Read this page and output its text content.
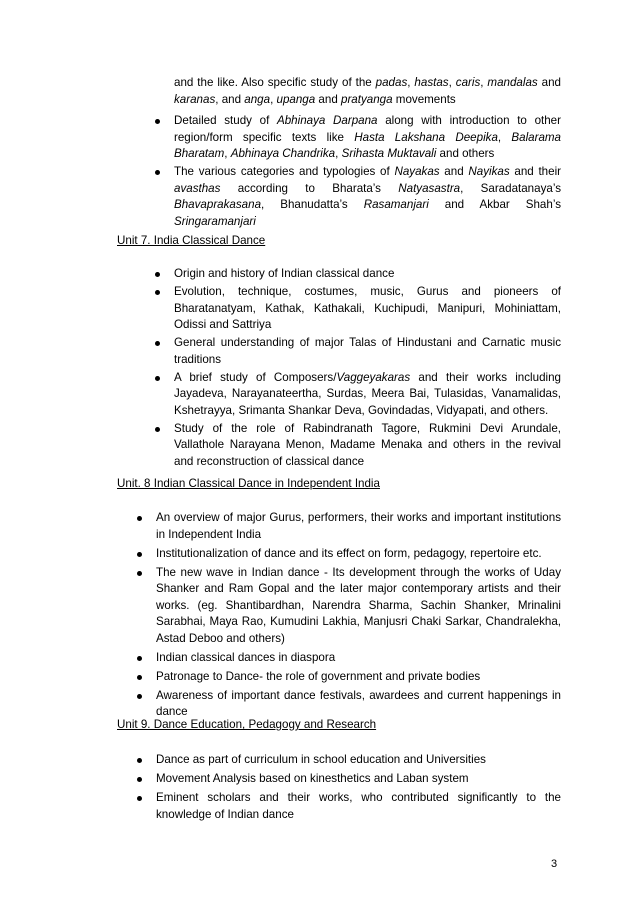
and the like. Also specific study of the padas, hastas, caris, mandalas and karanas, and anga, upanga and pratyanga movements
Detailed study of Abhinaya Darpana along with introduction to other region/form specific texts like Hasta Lakshana Deepika, Balarama Bharatam, Abhinaya Chandrika, Srihasta Muktavali and others
The various categories and typologies of Nayakas and Nayikas and their avasthas according to Bharata’s Natyasastra, Saradatanaya’s Bhavaprakasana, Bhanudatta’s Rasamanjari and Akbar Shah’s Sringaramanjari
Unit 7. India Classical Dance
Origin and history of Indian classical dance
Evolution, technique, costumes, music, Gurus and pioneers of Bharatanatyam, Kathak, Kathakali, Kuchipudi, Manipuri, Mohiniattam, Odissi and Sattriya
General understanding of major Talas of Hindustani and Carnatic music traditions
A brief study of Composers/Vaggeyakaras and their works including Jayadeva, Narayanateertha, Surdas, Meera Bai, Tulasidas, Vanamalidas, Kshetrayya, Srimanta Shankar Deva, Govindadas, Vidyapati, and others.
Study of the role of Rabindranath Tagore, Rukmini Devi Arundale, Vallathole Narayana Menon, Madame Menaka and others in the revival and reconstruction of classical dance
Unit. 8 Indian Classical Dance in Independent India
An overview of major Gurus, performers, their works and important institutions in Independent India
Institutionalization of dance and its effect on form, pedagogy, repertoire etc.
The new wave in Indian dance - Its development through the works of Uday Shanker and Ram Gopal and the later major contemporary artists and their works. (eg. Shantibardhan, Narendra Sharma, Sachin Shanker, Mrinalini Sarabhai, Maya Rao, Kumudini Lakhia, Manjusri Chaki Sarkar, Chandralekha, Astad Deboo and others)
Indian classical dances in diaspora
Patronage to Dance- the role of government and private bodies
Awareness of important dance festivals, awardees and current happenings in dance
Unit 9. Dance Education, Pedagogy and Research
Dance as part of curriculum in school education and Universities
Movement Analysis based on kinesthetics and Laban system
Eminent scholars and their works, who contributed significantly to the knowledge of Indian dance
3
